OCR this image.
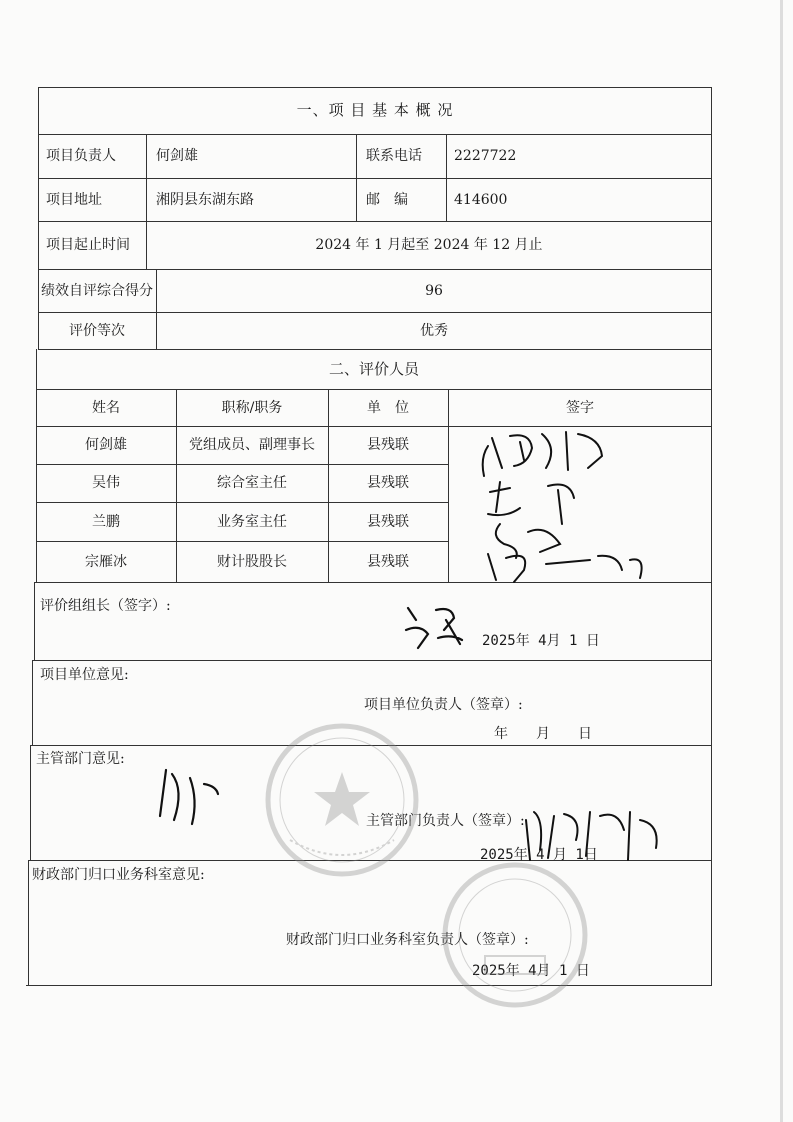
一、项 目 基 本 概 况
项目负责人	何剑雄	联系电话 2227722
项目地址	湘阴县东湖东路	邮　编	414600
项目起止时间	2024 年 1 月起至 2024 年 12 月止
绩效自评综合得分	96
评价等次	优秀
二、评价人员
姓名	职称/职务	单　位	签字
何剑雄	党组成员、副理事长	县残联
吴伟	综合室主任	县残联
兰鹏	业务室主任	县残联
宗雁冰	财计股股长	县残联
评价组组长（签字）:
2025年 4月 1 日
项目单位意见:
项目单位负责人（签章）:
年　　月　　日
主管部门意见:
主管部门负责人（签章）:
2025年 4 月 1日
财政部门归口业务科室意见:
财政部门归口业务科室负责人（签章）:
2025年 4月 1 日
